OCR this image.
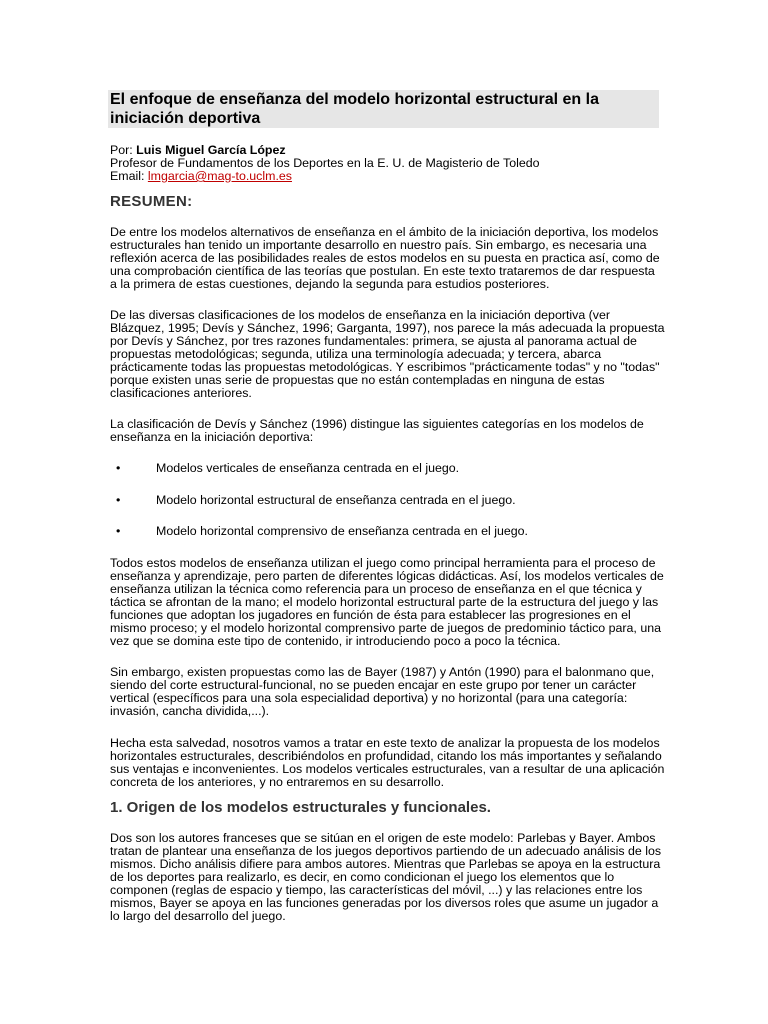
El enfoque de enseñanza del modelo horizontal estructural en la
iniciación deportiva

Por: Luis Miguel García López

Profesor de Fundamentos de los Deportes en la E. U. de Magisterio de Toledo

Email: lmgarcia@mag-to.uclm.es

RESUMEN:

De entre los modelos alternativos de enseñanza en el ámbito de la iniciación deportiva, los modelos

estructurales han tenido un importante desarrollo en nuestro país. Sin embargo, es necesaria una

reflexión acerca de las posibilidades reales de estos modelos en su puesta en practica así, como de

una comprobación científica de las teorías que postulan. En este texto trataremos de dar respuesta

a la primera de estas cuestiones, dejando la segunda para estudios posteriores.

De las diversas clasificaciones de los modelos de enseñanza en la iniciación deportiva (ver

Blázquez, 1995; Devís y Sánchez, 1996; Garganta, 1997), nos parece la más adecuada la propuesta

por Devís y Sánchez, por tres razones fundamentales: primera, se ajusta al panorama actual de

propuestas metodológicas; segunda, utiliza una terminología adecuada; y tercera, abarca

prácticamente todas las propuestas metodológicas. Y escribimos "prácticamente todas" y no "todas"

porque existen unas serie de propuestas que no están contempladas en ninguna de estas

clasificaciones anteriores.

La clasificación de Devís y Sánchez (1996) distingue las siguientes categorías en los modelos de

enseñanza en la iniciación deportiva:

•	Modelos verticales de enseñanza centrada en el juego.
•	Modelo horizontal estructural de enseñanza centrada en el juego.
•	Modelo horizontal comprensivo de enseñanza centrada en el juego.

Todos estos modelos de enseñanza utilizan el juego como principal herramienta para el proceso de

enseñanza y aprendizaje, pero parten de diferentes lógicas didácticas. Así, los modelos verticales de

enseñanza utilizan la técnica como referencia para un proceso de enseñanza en el que técnica y

táctica se afrontan de la mano; el modelo horizontal estructural parte de la estructura del juego y las

funciones que adoptan los jugadores en función de ésta para establecer las progresiones en el

mismo proceso; y el modelo horizontal comprensivo parte de juegos de predominio táctico para, una

vez que se domina este tipo de contenido, ir introduciendo poco a poco la técnica.

Sin embargo, existen propuestas como las de Bayer (1987) y Antón (1990) para el balonmano que,

siendo del corte estructural-funcional, no se pueden encajar en este grupo por tener un carácter

vertical (específicos para una sola especialidad deportiva) y no horizontal (para una categoría:

invasión, cancha dividida,...).

Hecha esta salvedad, nosotros vamos a tratar en este texto de analizar la propuesta de los modelos

horizontales estructurales, describiéndolos en profundidad, citando los más importantes y señalando

sus ventajas e inconvenientes. Los modelos verticales estructurales, van a resultar de una aplicación

concreta de los anteriores, y no entraremos en su desarrollo.

1. Origen de los modelos estructurales y funcionales.

Dos son los autores franceses que se sitúan en el origen de este modelo: Parlebas y Bayer. Ambos

tratan de plantear una enseñanza de los juegos deportivos partiendo de un adecuado análisis de los

mismos. Dicho análisis difiere para ambos autores. Mientras que Parlebas se apoya en la estructura

de los deportes para realizarlo, es decir, en como condicionan el juego los elementos que lo

componen (reglas de espacio y tiempo, las características del móvil, ...) y las relaciones entre los

mismos, Bayer se apoya en las funciones generadas por los diversos roles que asume un jugador a

lo largo del desarrollo del juego.
